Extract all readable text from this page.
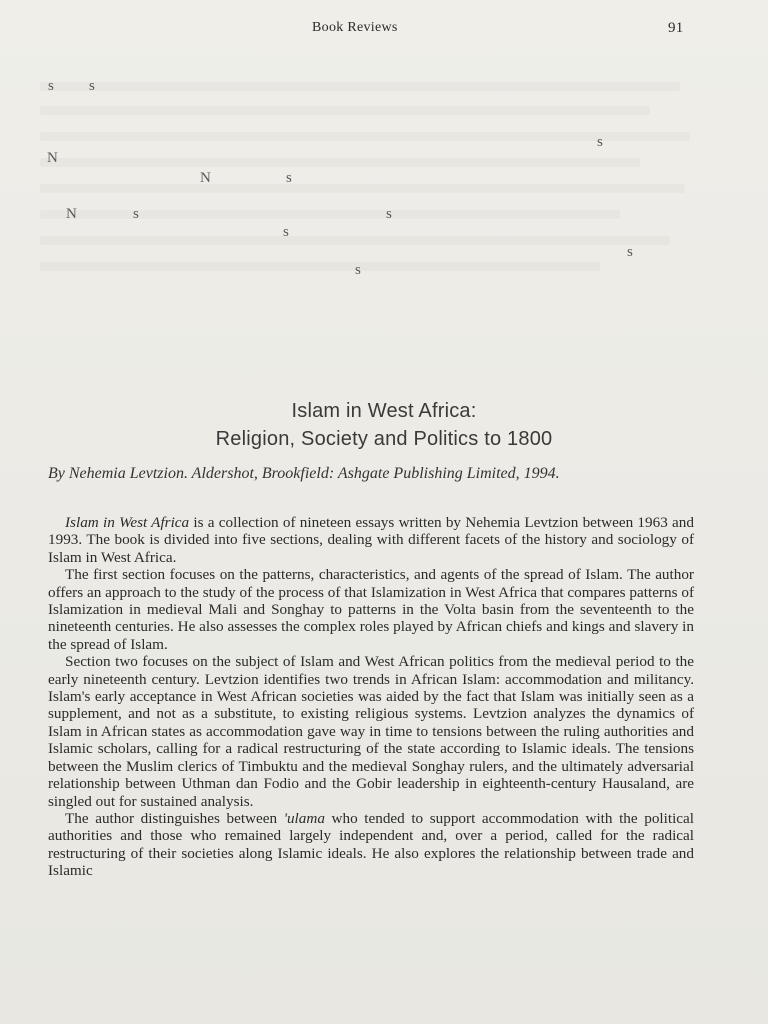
Book Reviews	91
s s
s
N
N	s
N	s	s
s
s
s
Islam in West Africa:
Religion, Society and Politics to 1800
By Nehemia Levtzion. Aldershot, Brookfield: Ashgate Publishing Limited, 1994.

Islam in West Africa is a collection of nineteen essays written by Nehemia Levtzion between 1963 and 1993. The book is divided into five sections, dealing with different facets of the history and sociology of Islam in West Africa.

The first section focuses on the patterns, characteristics, and agents of the spread of Islam. The author offers an approach to the study of the process of that Islamization in West Africa that compares patterns of Islamization in medieval Mali and Songhay to patterns in the Volta basin from the seventeenth to the nineteenth centuries. He also assesses the complex roles played by African chiefs and kings and slavery in the spread of Islam.

Section two focuses on the subject of Islam and West African politics from the medieval period to the early nineteenth century. Levtzion identifies two trends in African Islam: accommodation and militancy. Islam's early acceptance in West African societies was aided by the fact that Islam was initially seen as a supplement, and not as a substitute, to existing religious systems. Levtzion analyzes the dynamics of Islam in African states as accommodation gave way in time to tensions between the ruling authorities and Islamic scholars, calling for a radical restructuring of the state according to Islamic ideals. The tensions between the Muslim clerics of Timbuktu and the medieval Songhay rulers, and the ultimately adversarial relationship between Uthman dan Fodio and the Gobir leadership in eighteenth-century Hausaland, are singled out for sustained analysis.

The author distinguishes between 'ulama who tended to support accommodation with the political authorities and those who remained largely independent and, over a period, called for the radical restructuring of their societies along Islamic ideals. He also explores the relationship between trade and Islamic
